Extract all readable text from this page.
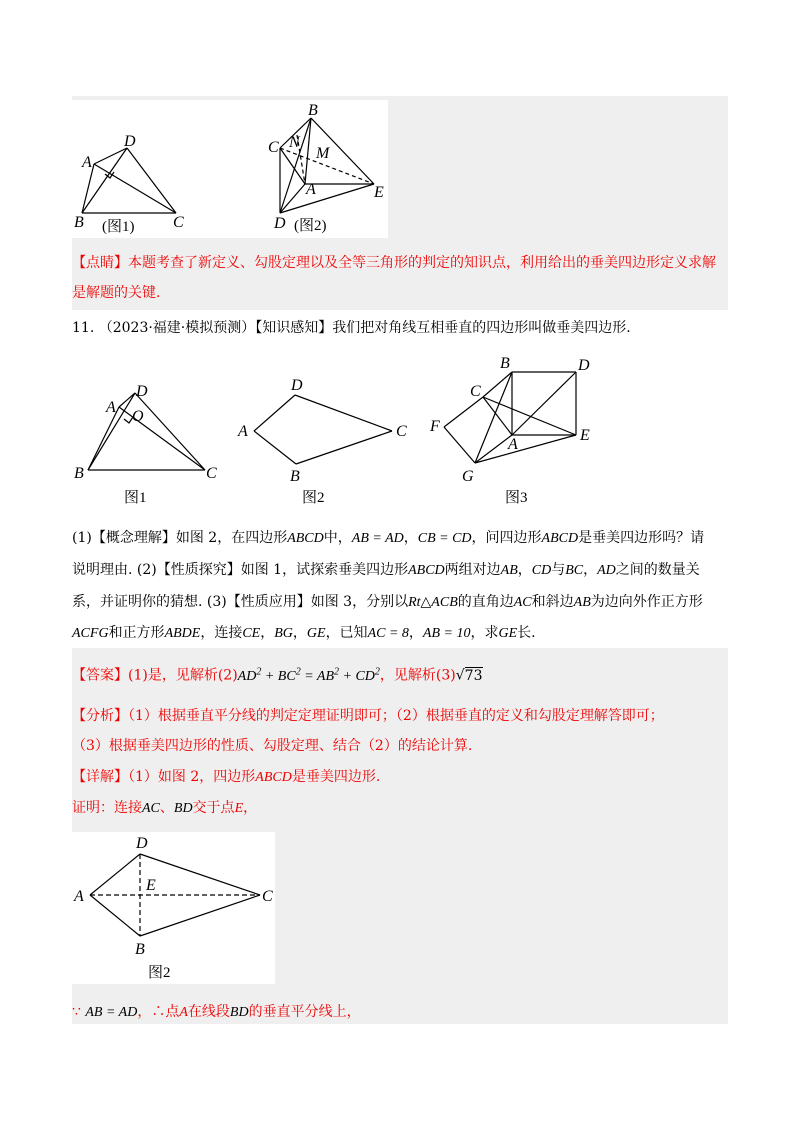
A
D
B	C
(图1)
B
C N
M
A	E
D (图2)
【点睛】本题考查了新定义、勾股定理以及全等三角形的判定的知识点，利用给出的垂美四边形定义求解
是解题的关键.
11. （2023·福建·模拟预测）【知识感知】我们把对角线互相垂直的四边形叫做垂美四边形.
A
D
O
B	C
图1
D
A	C
B
图2
B	D
C
F
A
E
G
图3
(1)【概念理解】如图 2，在四边形ABCD中，AB = AD，CB = CD，问四边形ABCD是垂美四边形吗？请
说明理由. (2)【性质探究】如图 1，试探索垂美四边形ABCD两组对边AB，CD与BC，AD之间的数量关
系，并证明你的猜想. (3)【性质应用】如图 3，分别以Rt△ACB的直角边AC和斜边AB为边向外作正方形
ACFG和正方形ABDE，连接CE，BG，GE，已知AC = 8，AB = 10，求GE长.
【答案】(1)是，见解析$(2)AD^2 + BC^2 = AB^2 + CD^2$，见解析(3)√73
【分析】（1）根据垂直平分线的判定定理证明即可；（2）根据垂直的定义和勾股定理解答即可；
（3）根据垂美四边形的性质、勾股定理、结合（2）的结论计算.
【详解】（1）如图 2，四边形ABCD是垂美四边形.
证明：连接AC、BD交于点E，
D
A
E
C
B
图2
∵ AB = AD，∴点A在线段BD的垂直平分线上，
